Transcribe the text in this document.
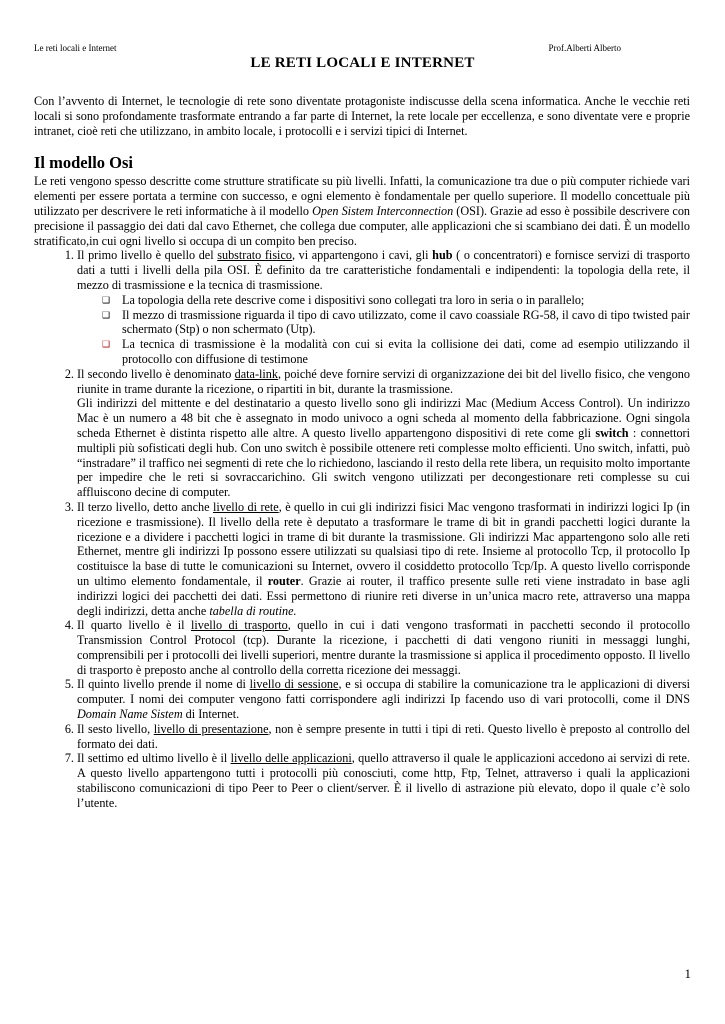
Le reti locali e Internet	Prof.Alberti Alberto
LE RETI LOCALI E INTERNET

Con l’avvento di Internet, le tecnologie di rete sono diventate protagoniste indiscusse della scena informatica. Anche le vecchie reti locali si sono profondamente trasformate entrando a far parte di Internet, la rete locale per eccellenza, e sono diventate vere e proprie intranet, cioè reti che utilizzano, in ambito locale, i protocolli e i servizi tipici di Internet.

Il modello Osi

Le reti vengono spesso descritte come strutture stratificate su più livelli. Infatti, la comunicazione tra due o più computer richiede vari elementi per essere portata a termine con successo, e ogni elemento è fondamentale per quello superiore. Il modello concettuale più utilizzato per descrivere le reti informatiche à il modello Open Sistem Interconnection (OSI). Grazie ad esso è possibile descrivere con precisione il passaggio dei dati dal cavo Ethernet, che collega due computer, alle applicazioni che si scambiano dei dati. È un modello stratificato,in cui ogni livello si occupa di un compito ben preciso.

1. Il primo livello è quello del substrato fisico, vi appartengono i cavi, gli hub ( o concentratori) e fornisce servizi di trasporto dati a tutti i livelli della pila OSI. È definito da tre caratteristiche fondamentali e indipendenti: la topologia della rete, il mezzo di trasmissione e la tecnica di trasmissione.
❑ La topologia della rete descrive come i dispositivi sono collegati tra loro in seria o in parallelo;
❑ Il mezzo di trasmissione riguarda il tipo di cavo utilizzato, come il cavo coassiale RG-58, il cavo di tipo twisted pair schermato (Stp) o non schermato (Utp).
❑ La tecnica di trasmissione è la modalità con cui si evita la collisione dei dati, come ad esempio utilizzando il protocollo con diffusione di testimone
2. Il secondo livello è denominato data-link, poiché deve fornire servizi di organizzazione dei bit del livello fisico, che vengono riunite in trame durante la ricezione, o ripartiti in bit, durante la trasmissione.
Gli indirizzi del mittente e del destinatario a questo livello sono gli indirizzi Mac (Medium Access Control). Un indirizzo Mac è un numero a 48 bit che è assegnato in modo univoco a ogni scheda al momento della fabbricazione. Ogni singola scheda Ethernet è distinta rispetto alle altre. A questo livello appartengono dispositivi di rete come gli switch : connettori multipli più sofisticati degli hub. Con uno switch è possibile ottenere reti complesse molto efficienti. Uno switch, infatti, può “instradare” il traffico nei segmenti di rete che lo richiedono, lasciando il resto della rete libera, un requisito molto importante per impedire che le reti si sovraccarichino. Gli switch vengono utilizzati per decongestionare reti complesse su cui affluiscono decine di computer.
3. Il terzo livello, detto anche livello di rete, è quello in cui gli indirizzi fisici Mac vengono trasformati in indirizzi logici Ip (in ricezione e trasmissione). Il livello della rete è deputato a trasformare le trame di bit in grandi pacchetti logici durante la ricezione e a dividere i pacchetti logici in trame di bit durante la trasmissione. Gli indirizzi Mac appartengono solo alle reti Ethernet, mentre gli indirizzi Ip possono essere utilizzati su qualsiasi tipo di rete. Insieme al protocollo Tcp, il protocollo Ip costituisce la base di tutte le comunicazioni su Internet, ovvero il cosiddetto protocollo Tcp/Ip. A questo livello corrisponde un ultimo elemento fondamentale, il router. Grazie ai router, il traffico presente sulle reti viene instradato in base agli indirizzi logici dei pacchetti dei dati. Essi permettono di riunire reti diverse in un’unica macro rete, attraverso una mappa degli indirizzi, detta anche tabella di routine.
4. Il quarto livello è il livello di trasporto, quello in cui i dati vengono trasformati in pacchetti secondo il protocollo Transmission Control Protocol (tcp). Durante la ricezione, i pacchetti di dati vengono riuniti in messaggi lunghi, comprensibili per i protocolli dei livelli superiori, mentre durante la trasmissione si applica il procedimento opposto. Il livello di trasporto è preposto anche al controllo della corretta ricezione dei messaggi.
5. Il quinto livello prende il nome di livello di sessione, e si occupa di stabilire la comunicazione tra le applicazioni di diversi computer. I nomi dei computer vengono fatti corrispondere agli indirizzi Ip facendo uso di vari protocolli, come il DNS Domain Name Sistem di Internet.
6. Il sesto livello, livello di presentazione, non è sempre presente in tutti i tipi di reti. Questo livello è preposto al controllo del formato dei dati.
7. Il settimo ed ultimo livello è il livello delle applicazioni, quello attraverso il quale le applicazioni accedono ai servizi di rete. A questo livello appartengono tutti i protocolli più conosciuti, come http, Ftp, Telnet, attraverso i quali la applicazioni stabiliscono comunicazioni di tipo Peer to Peer o client/server. È il livello di astrazione più elevato, dopo il quale c’è solo l’utente.
1
